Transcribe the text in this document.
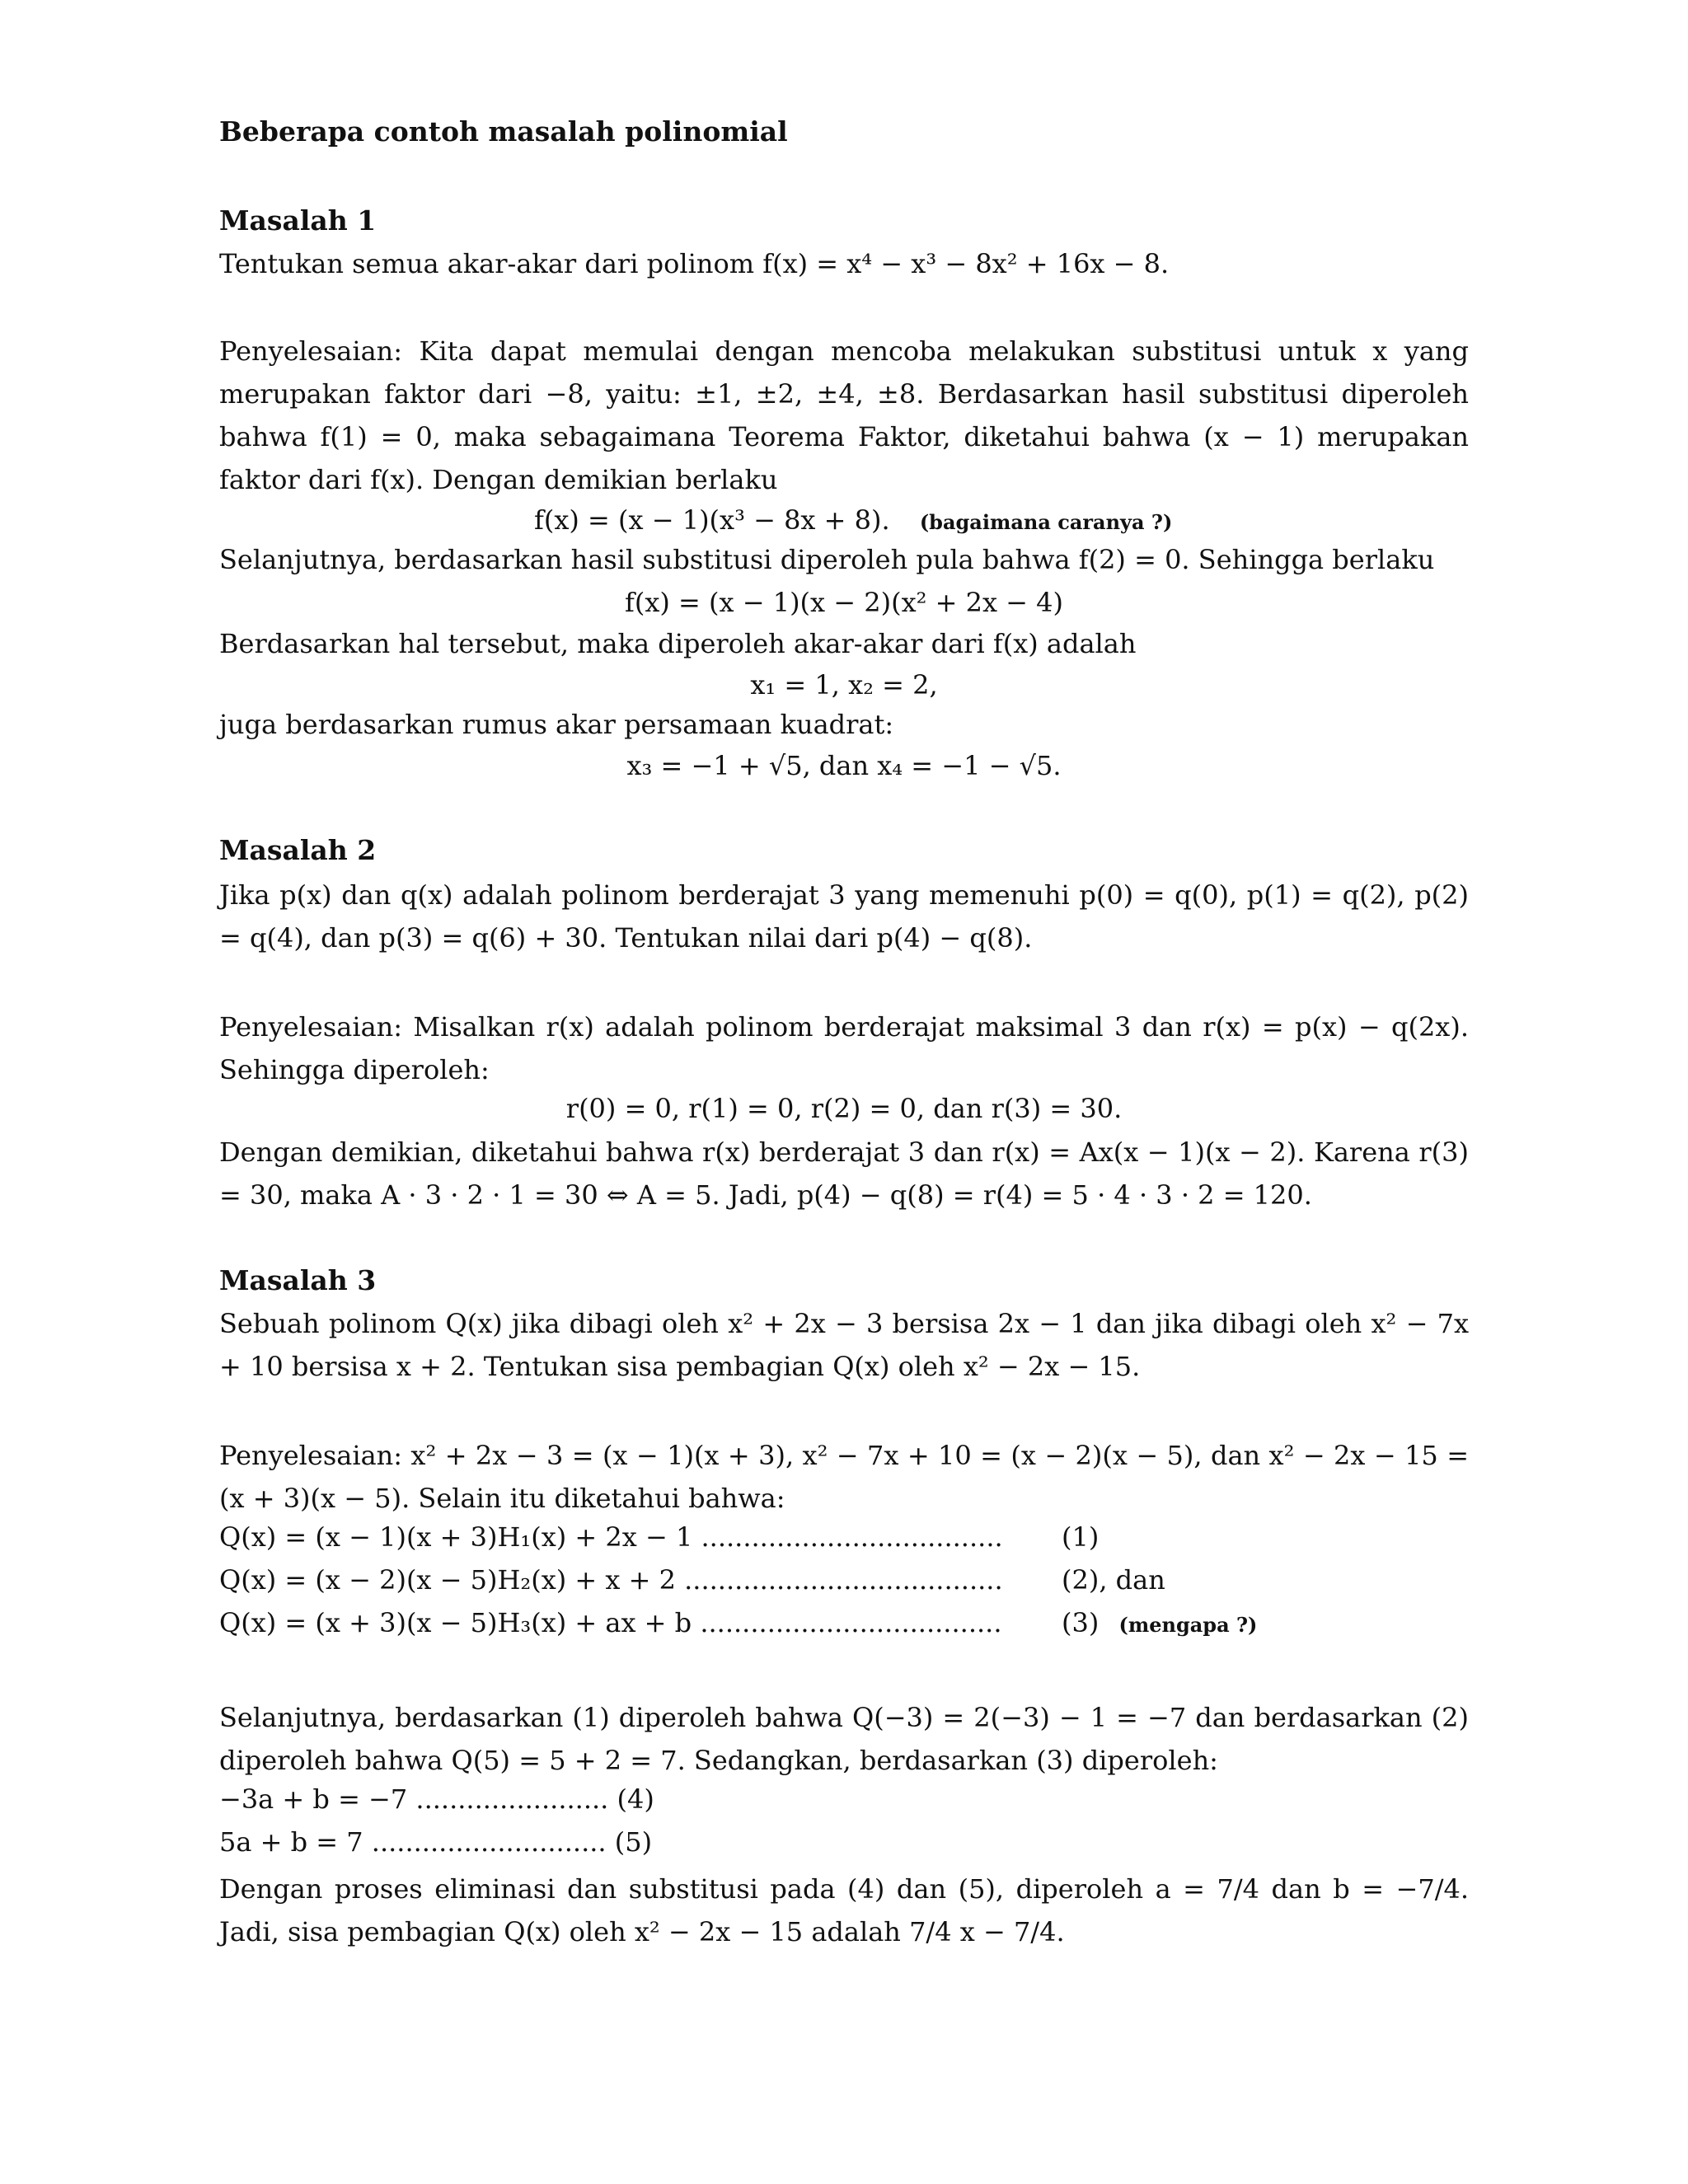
Beberapa contoh masalah polinomial
Masalah 1

Tentukan semua akar-akar dari polinom f(x) = x⁴ − x³ − 8x² + 16x − 8.

Penyelesaian: Kita dapat memulai dengan mencoba melakukan substitusi untuk x yang merupakan faktor dari −8, yaitu: ±1, ±2, ±4, ±8. Berdasarkan hasil substitusi diperoleh bahwa f(1) = 0, maka sebagaimana Teorema Faktor, diketahui bahwa (x − 1) merupakan faktor dari f(x). Dengan demikian berlaku

f(x) = (x − 1)(x³ − 8x + 8). (bagaimana caranya ?)
Selanjutnya, berdasarkan hasil substitusi diperoleh pula bahwa f(2) = 0. Sehingga berlaku
f(x) = (x − 1)(x − 2)(x² + 2x − 4)
Berdasarkan hal tersebut, maka diperoleh akar-akar dari f(x) adalah
x₁ = 1, x₂ = 2,
juga berdasarkan rumus akar persamaan kuadrat:
x₃ = −1 + √5, dan x₄ = −1 − √5.
Masalah 2

Jika p(x) dan q(x) adalah polinom berderajat 3 yang memenuhi p(0) = q(0), p(1) = q(2), p(2) = q(4), dan p(3) = q(6) + 30. Tentukan nilai dari p(4) − q(8).

Penyelesaian: Misalkan r(x) adalah polinom berderajat maksimal 3 dan r(x) = p(x) − q(2x). Sehingga diperoleh:

r(0) = 0, r(1) = 0, r(2) = 0, dan r(3) = 30.

Dengan demikian, diketahui bahwa r(x) berderajat 3 dan r(x) = Ax(x − 1)(x − 2). Karena r(3) = 30, maka A · 3 · 2 · 1 = 30 ⇔ A = 5. Jadi, p(4) − q(8) = r(4) = 5 · 4 · 3 · 2 = 120.

Masalah 3

Sebuah polinom Q(x) jika dibagi oleh x² + 2x − 3 bersisa 2x − 1 dan jika dibagi oleh x² − 7x + 10 bersisa x + 2. Tentukan sisa pembagian Q(x) oleh x² − 2x − 15.

Penyelesaian: x² + 2x − 3 = (x − 1)(x + 3), x² − 7x + 10 = (x − 2)(x − 5), dan x² − 2x − 15 = (x + 3)(x − 5). Selain itu diketahui bahwa:

Q(x) = (x − 1)(x + 3)H₁(x) + 2x − 1 .................................... (1)
Q(x) = (x − 2)(x − 5)H₂(x) + x + 2 ...................................... (2), dan
Q(x) = (x + 3)(x − 5)H₃(x) + ax + b .................................... (3) (mengapa ?)

Selanjutnya, berdasarkan (1) diperoleh bahwa Q(−3) = 2(−3) − 1 = −7 dan berdasarkan (2) diperoleh bahwa Q(5) = 5 + 2 = 7. Sedangkan, berdasarkan (3) diperoleh:

−3a + b = −7 ....................... (4)
5a + b = 7 ............................ (5)

Dengan proses eliminasi dan substitusi pada (4) dan (5), diperoleh a = 7/4 dan b = −7/4. Jadi, sisa pembagian Q(x) oleh x² − 2x − 15 adalah 7/4 x − 7/4.
